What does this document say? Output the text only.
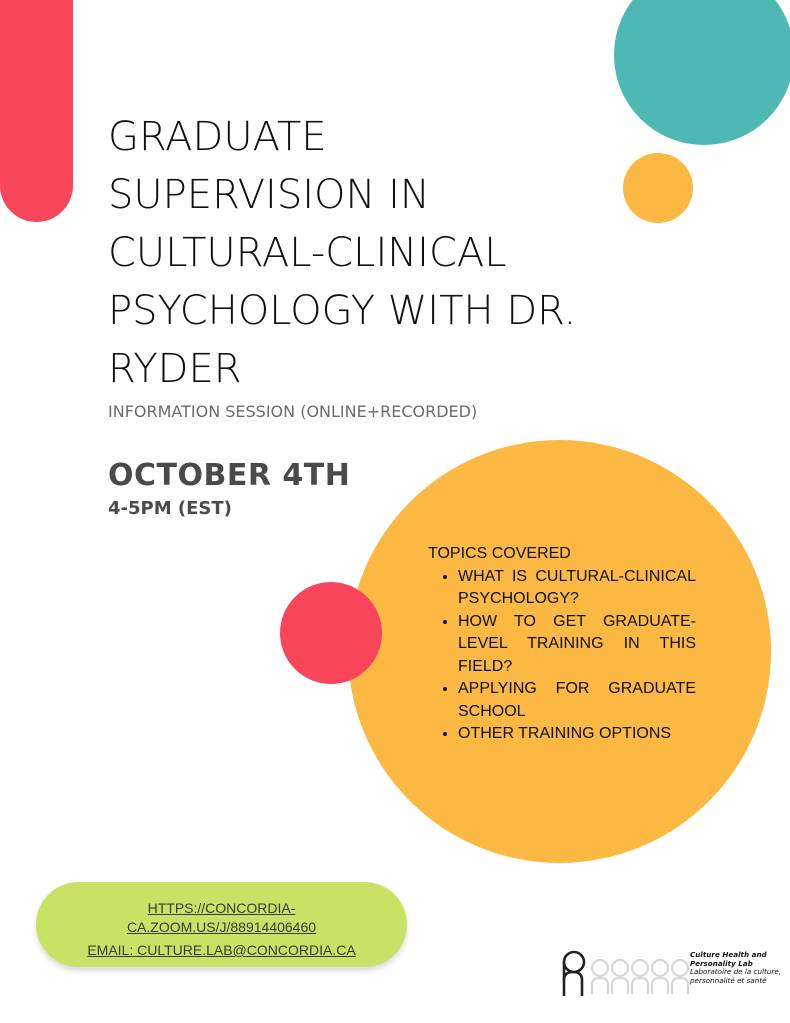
GRADUATE SUPERVISION IN CULTURAL-CLINICAL PSYCHOLOGY WITH DR. RYDER
INFORMATION SESSION (ONLINE+RECORDED)
OCTOBER 4TH
4-5PM (EST)
TOPICS COVERED
• WHAT IS CULTURAL-CLINICAL PSYCHOLOGY?
• HOW TO GET GRADUATE-LEVEL TRAINING IN THIS FIELD?
• APPLYING FOR GRADUATE SCHOOL
• OTHER TRAINING OPTIONS
HTTPS://CONCORDIA-CA.ZOOM.US/J/88914406460
EMAIL: CULTURE.LAB@CONCORDIA.CA	Culture Health and Personality Lab
Laboratoire de la culture, personnalité et santé
